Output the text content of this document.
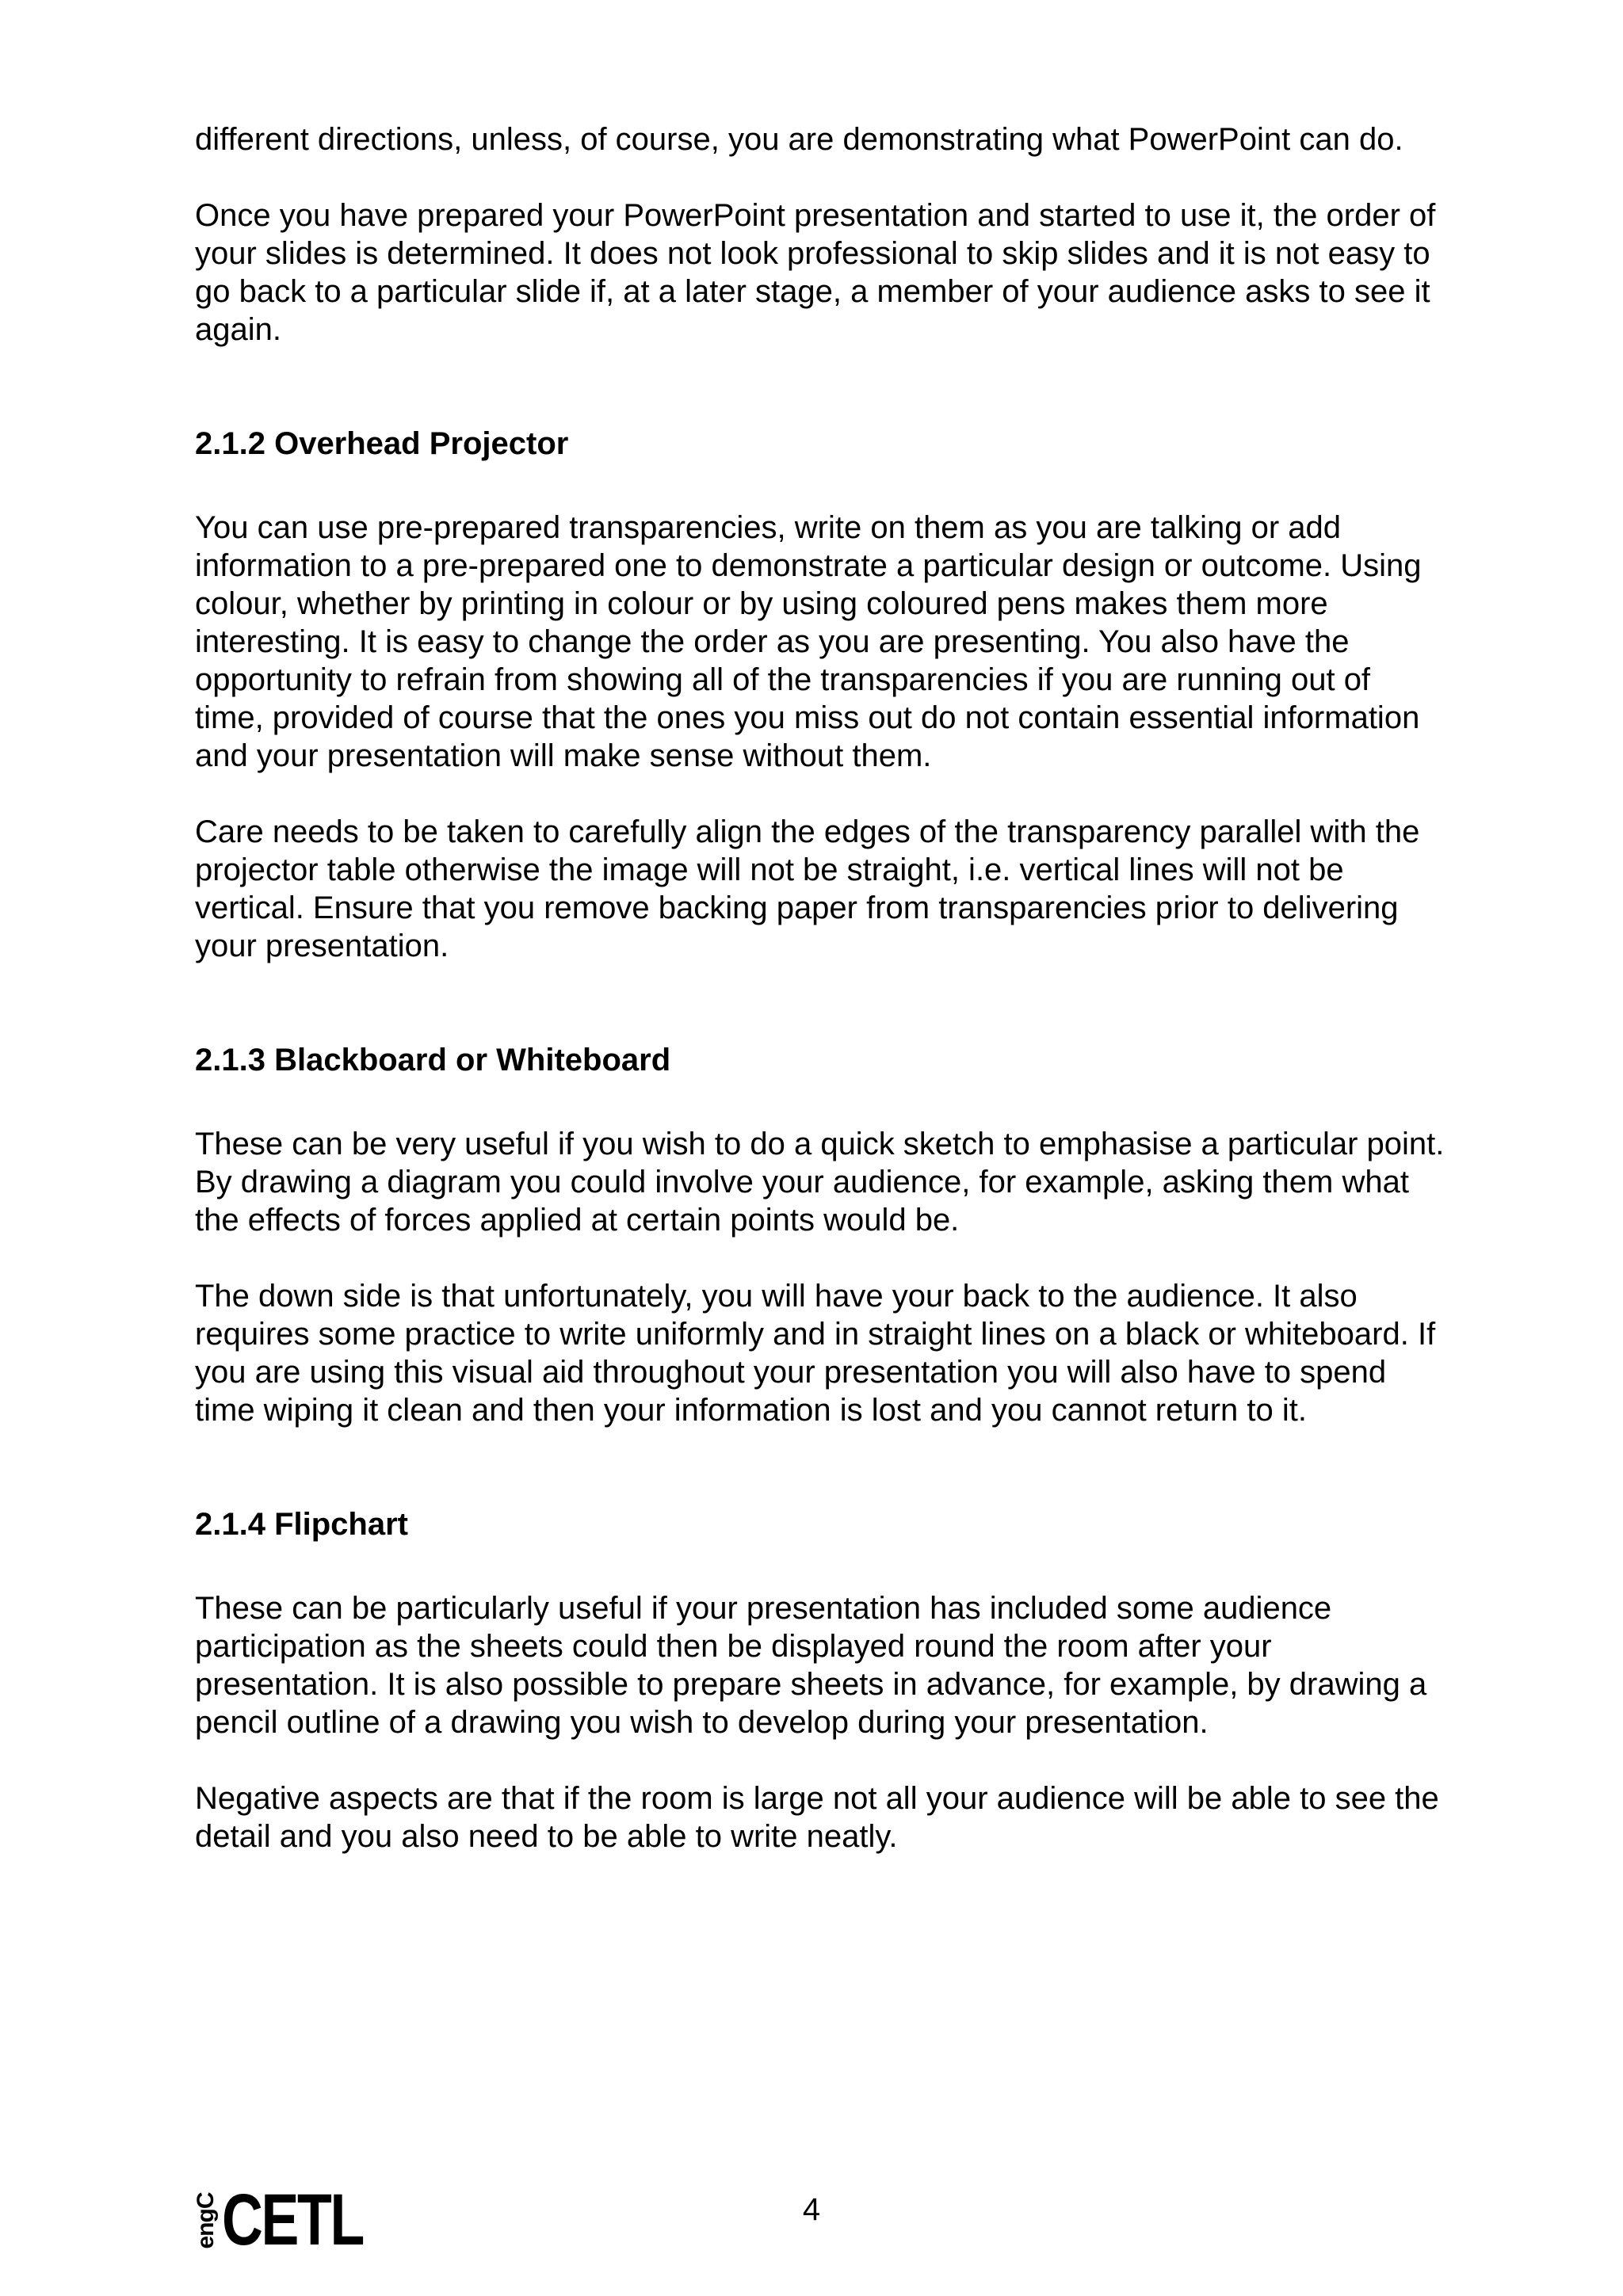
different directions, unless, of course, you are demonstrating what PowerPoint can do.

Once you have prepared your PowerPoint presentation and started to use it, the order of your slides is determined. It does not look professional to skip slides and it is not easy to go back to a particular slide if, at a later stage, a member of your audience asks to see it again.

2.1.2 Overhead Projector

You can use pre-prepared transparencies, write on them as you are talking or add information to a pre-prepared one to demonstrate a particular design or outcome. Using colour, whether by printing in colour or by using coloured pens makes them more interesting. It is easy to change the order as you are presenting. You also have the opportunity to refrain from showing all of the transparencies if you are running out of time, provided of course that the ones you miss out do not contain essential information and your presentation will make sense without them.

Care needs to be taken to carefully align the edges of the transparency parallel with the projector table otherwise the image will not be straight, i.e. vertical lines will not be vertical. Ensure that you remove backing paper from transparencies prior to delivering your presentation.

2.1.3 Blackboard or Whiteboard

These can be very useful if you wish to do a quick sketch to emphasise a particular point. By drawing a diagram you could involve your audience, for example, asking them what the effects of forces applied at certain points would be.

The down side is that unfortunately, you will have your back to the audience. It also requires some practice to write uniformly and in straight lines on a black or whiteboard. If you are using this visual aid throughout your presentation you will also have to spend time wiping it clean and then your information is lost and you cannot return to it.

2.1.4 Flipchart

These can be particularly useful if your presentation has included some audience participation as the sheets could then be displayed round the room after your presentation. It is also possible to prepare sheets in advance, for example, by drawing a pencil outline of a drawing you wish to develop during your presentation.

Negative aspects are that if the room is large not all your audience will be able to see the detail and you also need to be able to write neatly.

engC CETL	4
